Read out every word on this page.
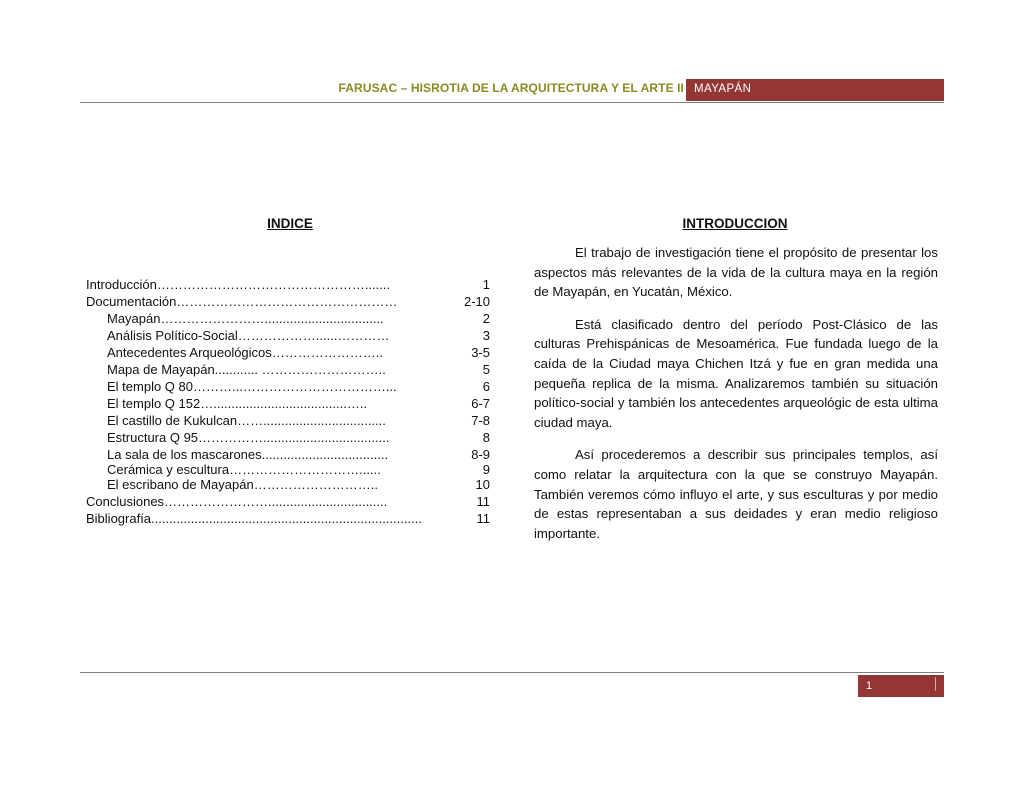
FARUSAC – HISROTIA DE LA ARQUITECTURA Y EL ARTE II MAYAPÁN
INDICE	INTRODUCCION
Introducción………………………………………….......	1
Documentación……………………………………………	2-10
Mayapán…………………….................................	2
Análisis Político-Social………………......…………	3
Antecedentes Arqueológicos……………………..	3-5
Mapa de Mayapán............ ………………………..	5
El templo Q 80………...……………………………...	6
El templo Q 152….....................................…..	6-7
El castillo de Kukulcan……..................................	7-8
Estructura Q 95……………...................................	8
La sala de los mascarones...................................	8-9
Cerámica y escultura…………………………......	9
El escribano de Mayapán………………………..	10
Conclusiones…………………….................................	11
Bibliografía...........................................................................	11

El trabajo de investigación tiene el propósito de presentar los aspectos más relevantes de la vida de la cultura maya en la región de Mayapán, en Yucatán, México.

Está clasificado dentro del período Post-Clásico de las culturas Prehispánicas de Mesoamérica. Fue fundada luego de la caída de la Ciudad maya Chichen Itzá y fue en gran medida una pequeña replica de la misma. Analizaremos también su situación político-social y también los antecedentes arqueológic de esta ultima ciudad maya.

Así procederemos a describir sus principales templos, así como relatar la arquitectura con la que se construyo Mayapán. También veremos cómo influyo el arte, y sus esculturas y por medio de estas representaban a sus deidades y eran medio religioso importante.

1
